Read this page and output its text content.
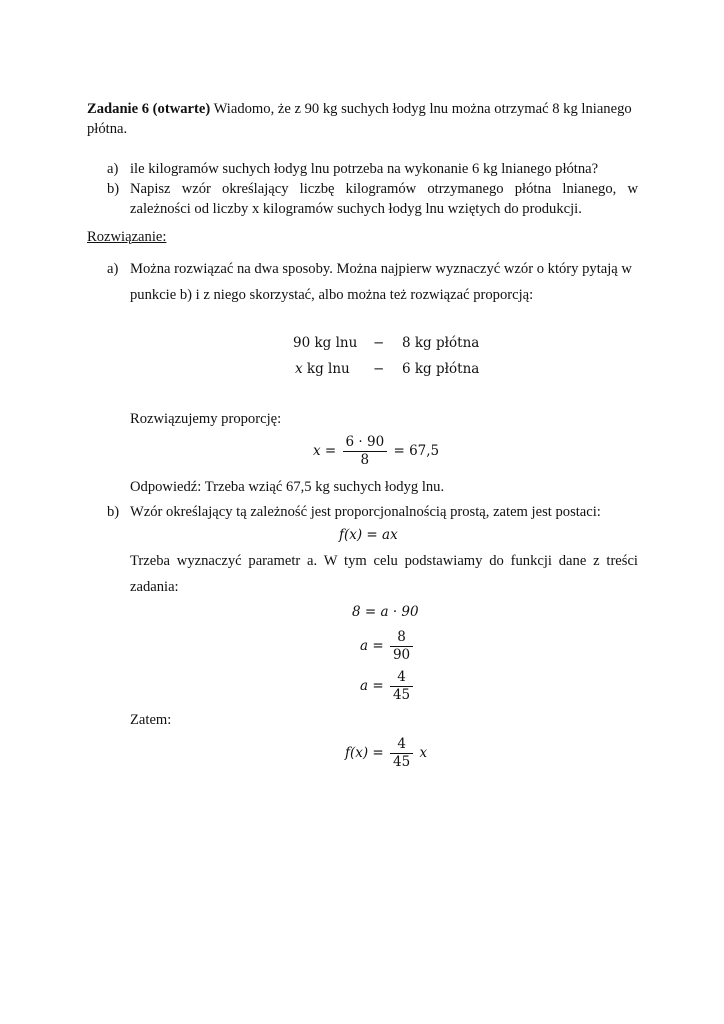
Zadanie 6 (otwarte) Wiadomo, że z 90 kg suchych łodyg lnu można otrzymać 8 kg lnianego
płótna.
a) ile kilogramów suchych łodyg lnu potrzeba na wykonanie 6 kg lnianego płótna?
b) Napisz wzór określający liczbę kilogramów otrzymanego płótna lnianego, w
zależności od liczby x kilogramów suchych łodyg lnu wziętych do produkcji.
Rozwiązanie:
a) Można rozwiązać na dwa sposoby. Można najpierw wyznaczyć wzór o który pytają w
punkcie b) i z niego skorzystać, albo można też rozwiązać proporcją:
90 kg lnu − 8 kg płótna
x kg lnu − 6 kg płótna
Rozwiązujemy proporcję:
$x = \frac{6 \cdot 90}{8} = 67,5$
Odpowiedź: Trzeba wziąć 67,5 kg suchych łodyg lnu.
b) Wzór określający tą zależność jest proporcjonalnością prostą, zatem jest postaci:
f(x) = ax
Trzeba wyznaczyć parametr a. W tym celu podstawiamy do funkcji dane z treści
zadania:
8 = a · 90
$a = \frac{8}{90}$
$a = \frac{4}{45}$
Zatem:
$f(x) = \frac{4}{45}$ x
